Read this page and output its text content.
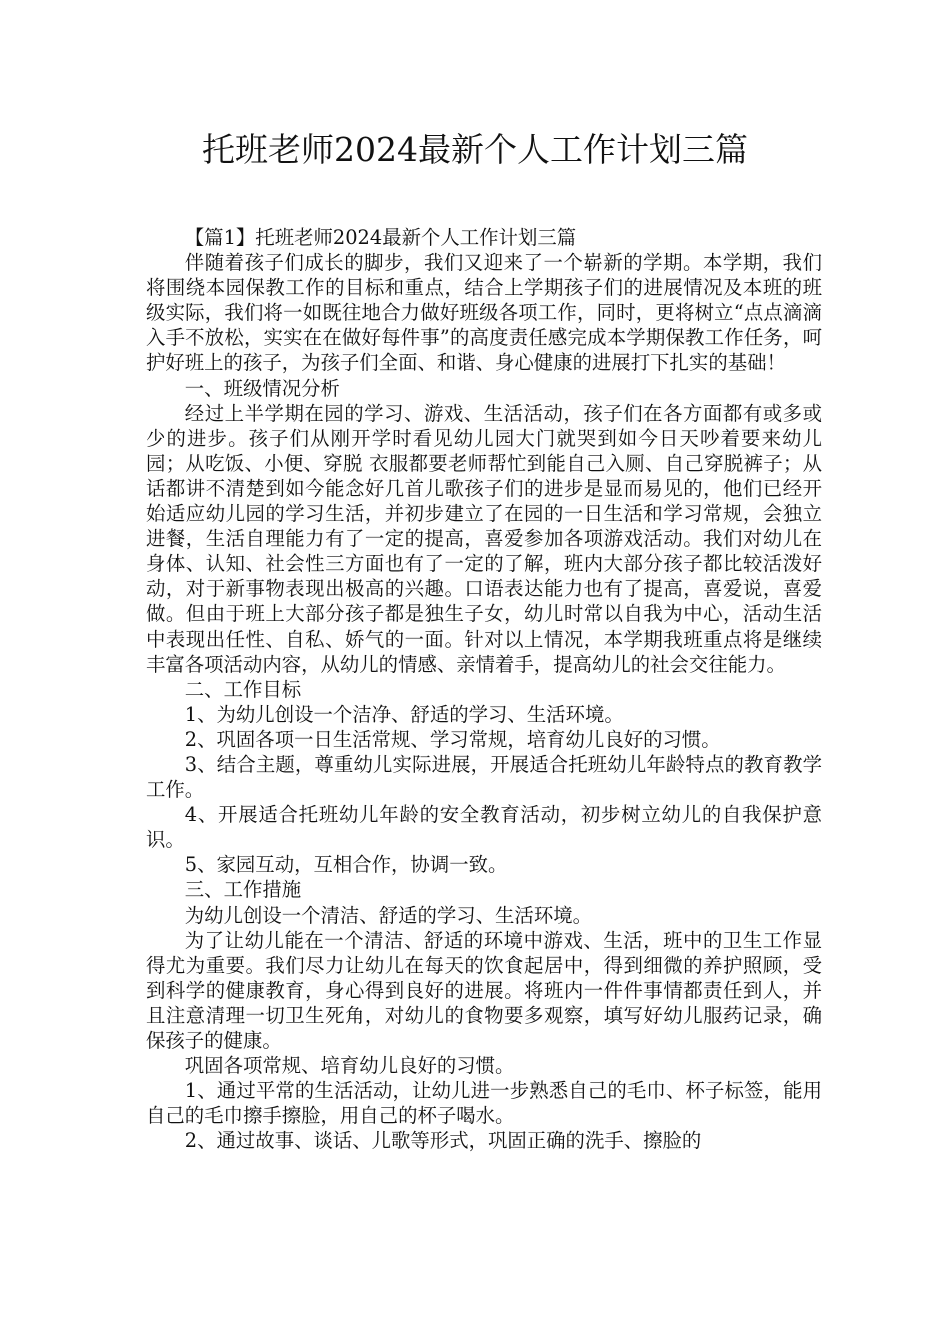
托班老师2024最新个人工作计划三篇

【篇1】托班老师2024最新个人工作计划三篇

伴随着孩子们成长的脚步，我们又迎来了一个崭新的学期。本学期，我们将围绕本园保教工作的目标和重点，结合上学期孩子们的进展情况及本班的班级实际，我们将一如既往地合力做好班级各项工作，同时，更将树立“点点滴滴入手不放松，实实在在做好每件事”的高度责任感完成本学期保教工作任务，呵护好班上的孩子，为孩子们全面、和谐、身心健康的进展打下扎实的基础！

一、班级情况分析

经过上半学期在园的学习、游戏、生活活动，孩子们在各方面都有或多或少的进步。孩子们从刚开学时看见幼儿园大门就哭到如今日天吵着要来幼儿园；从吃饭、小便、穿脱 衣服都要老师帮忙到能自己入厕、自己穿脱裤子；从话都讲不清楚到如今能念好几首儿歌孩子们的进步是显而易见的，他们已经开始适应幼儿园的学习生活，并初步建立了在园的一日生活和学习常规，会独立进餐，生活自理能力有了一定的提高，喜爱参加各项游戏活动。我们对幼儿在身体、认知、社会性三方面也有了一定的了解，班内大部分孩子都比较活泼好动，对于新事物表现出极高的兴趣。口语表达能力也有了提高，喜爱说，喜爱做。但由于班上大部分孩子都是独生子女，幼儿时常以自我为中心，活动生活中表现出任性、自私、娇气的一面。针对以上情况，本学期我班重点将是继续丰富各项活动内容，从幼儿的情感、亲情着手，提高幼儿的社会交往能力。

二、工作目标

1、为幼儿创设一个洁净、舒适的学习、生活环境。

2、巩固各项一日生活常规、学习常规，培育幼儿良好的习惯。

3、结合主题，尊重幼儿实际进展，开展适合托班幼儿年龄特点的教育教学工作。

4、开展适合托班幼儿年龄的安全教育活动，初步树立幼儿的自我保护意识。

5、家园互动，互相合作，协调一致。

三、工作措施

为幼儿创设一个清洁、舒适的学习、生活环境。

为了让幼儿能在一个清洁、舒适的环境中游戏、生活，班中的卫生工作显得尤为重要。我们尽力让幼儿在每天的饮食起居中，得到细微的养护照顾，受到科学的健康教育，身心得到良好的进展。将班内一件件事情都责任到人，并且注意清理一切卫生死角，对幼儿的食物要多观察，填写好幼儿服药记录，确保孩子的健康。

巩固各项常规、培育幼儿良好的习惯。

1、通过平常的生活活动，让幼儿进一步熟悉自己的毛巾、杯子标签，能用自己的毛巾擦手擦脸，用自己的杯子喝水。

2、通过故事、谈话、儿歌等形式，巩固正确的洗手、擦脸的
